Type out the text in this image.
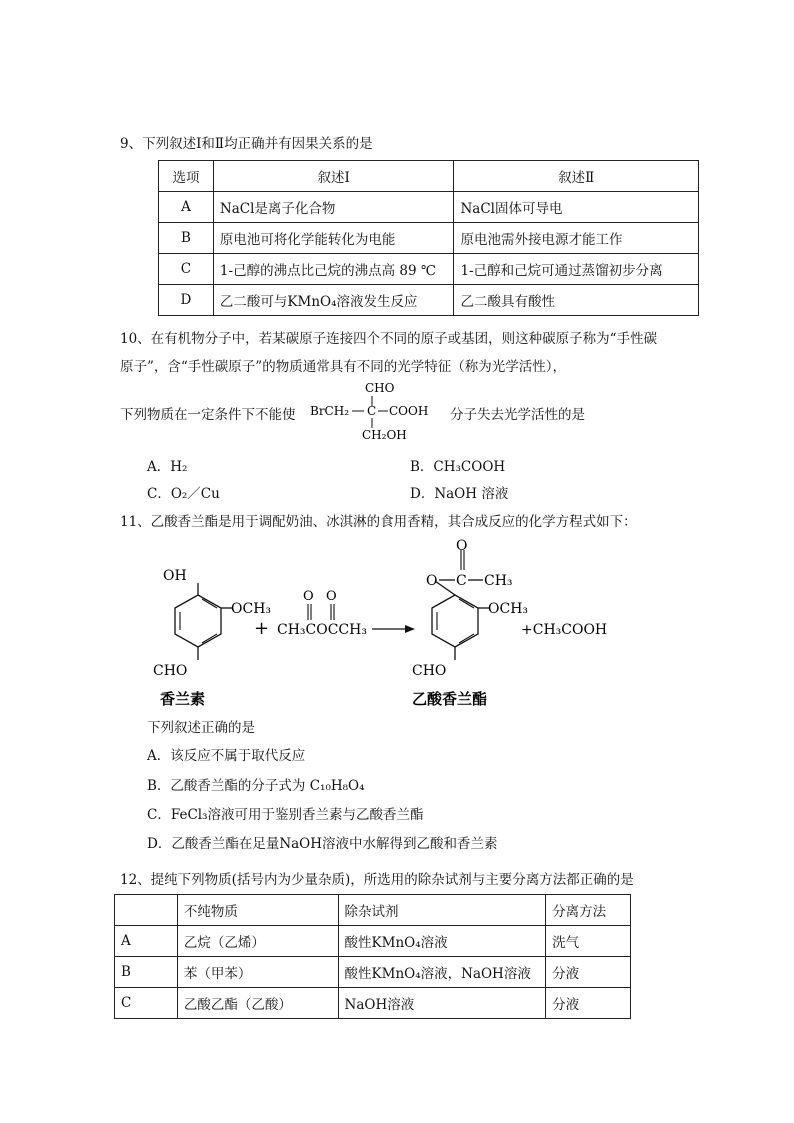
9、下列叙述Ⅰ和Ⅱ均正确并有因果关系的是
选项	叙述Ⅰ	叙述Ⅱ
A	NaCl是离子化合物	NaCl固体可导电
B	原电池可将化学能转化为电能	原电池需外接电源才能工作
C	1-己醇的沸点比己烷的沸点高 89 ℃	1-己醇和己烷可通过蒸馏初步分离
D	乙二酸可与KMnO₄溶液发生反应	乙二酸具有酸性
10、在有机物分子中，若某碳原子连接四个不同的原子或基团，则这种碳原子称为“手性碳
原子”，含“手性碳原子”的物质通常具有不同的光学特征（称为光学活性），
下列物质在一定条件下不能使
CHO
BrCH₂ C COOH
CH₂OH
分子失去光学活性的是
A．H₂	B．CH₃COOH
C．O₂／Cu	D．NaOH 溶液
11、乙酸香兰酯是用于调配奶油、冰淇淋的食用香精，其合成反应的化学方程式如下：
OH
OCH₃
CHO
香兰素
+
O O
CH₃COCCH₃
O
O
C CH₃
OCH₃
CHO
乙酸香兰酯
+CH₃COOH
下列叙述正确的是
A．该反应不属于取代反应
B．乙酸香兰酯的分子式为 C₁₀H₈O₄
C．FeCl₃溶液可用于鉴别香兰素与乙酸香兰酯
D．乙酸香兰酯在足量NaOH溶液中水解得到乙酸和香兰素
12、提纯下列物质(括号内为少量杂质)，所选用的除杂试剂与主要分离方法都正确的是
	不纯物质	除杂试剂	分离方法
A	乙烷（乙烯）	酸性KMnO₄溶液	洗气
B	苯（甲苯）	酸性KMnO₄溶液，NaOH溶液	分液
C	乙酸乙酯（乙酸）	NaOH溶液	分液
